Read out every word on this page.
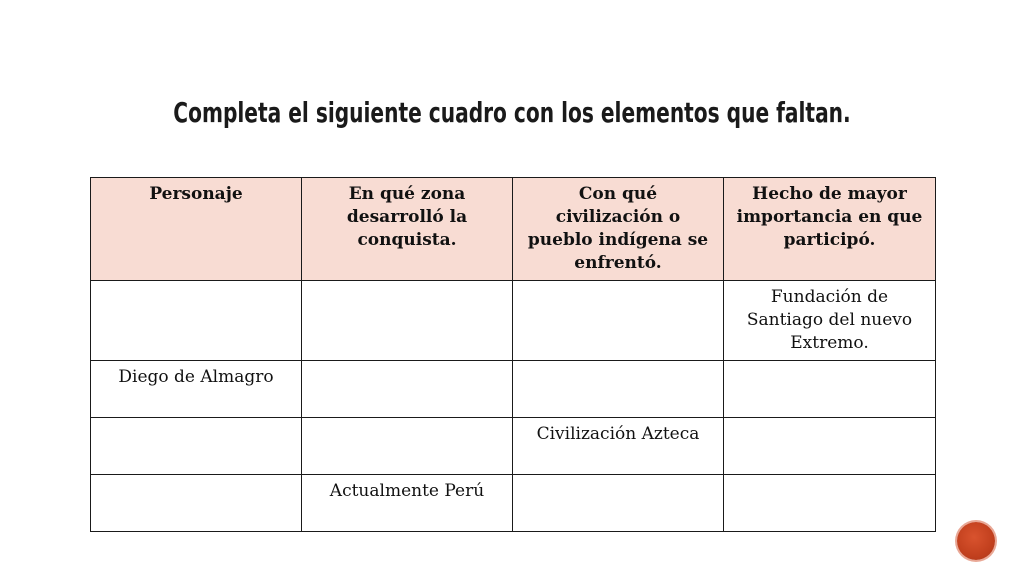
Completa el siguiente cuadro con los elementos que faltan.
Personaje	En qué zona desarrolló la conquista.	Con qué civilización o pueblo indígena se enfrentó.	Hecho de mayor importancia en que participó.
			Fundación de Santiago del nuevo Extremo.
Diego de Almagro			
		Civilización Azteca	
	Actualmente Perú		
